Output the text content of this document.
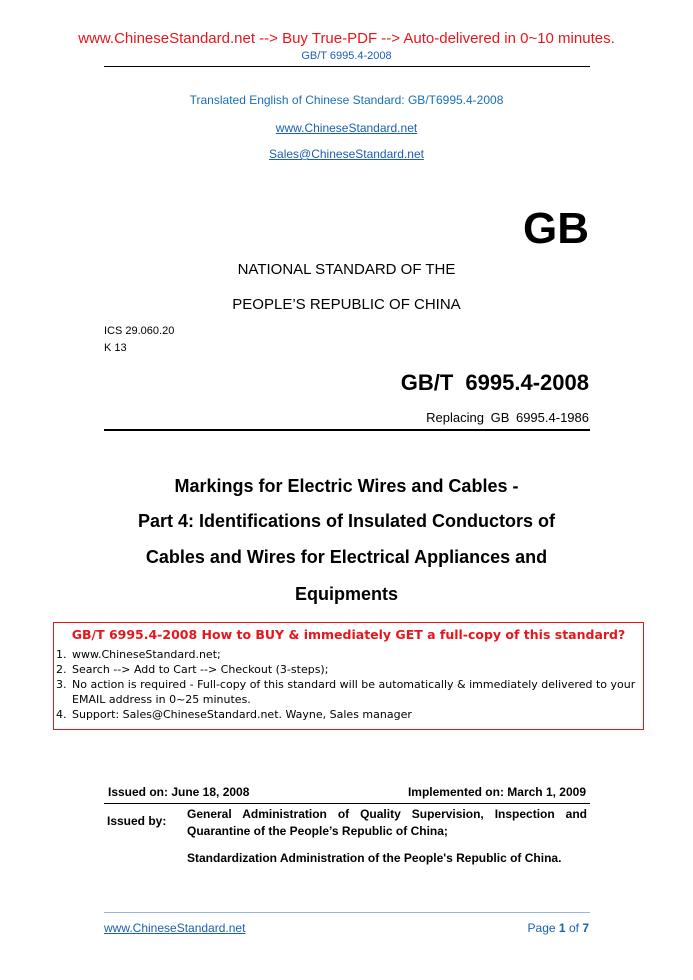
www.ChineseStandard.net --> Buy True-PDF --> Auto-delivered in 0~10 minutes.
GB/T 6995.4-2008
Translated English of Chinese Standard: GB/T6995.4-2008
www.ChineseStandard.net
Sales@ChineseStandard.net
GB
NATIONAL STANDARD OF THE
PEOPLE’S REPUBLIC OF CHINA
ICS 29.060.20
K 13
GB/T 6995.4-2008
Replacing GB 6995.4-1986
Markings for Electric Wires and Cables -
Part 4: Identifications of Insulated Conductors of
Cables and Wires for Electrical Appliances and
Equipments
GB/T 6995.4-2008 How to BUY & immediately GET a full-copy of this standard?
1. www.ChineseStandard.net;
2. Search --> Add to Cart --> Checkout (3-steps);
3. No action is required - Full-copy of this standard will be automatically & immediately delivered to your EMAIL address in 0~25 minutes.
4. Support: Sales@ChineseStandard.net. Wayne, Sales manager
Issued on: June 18, 2008	Implemented on: March 1, 2009
Issued by: General Administration of Quality Supervision, Inspection and Quarantine of the People’s Republic of China;
Standardization Administration of the People's Republic of China.
www.ChineseStandard.net	Page 1 of 7
